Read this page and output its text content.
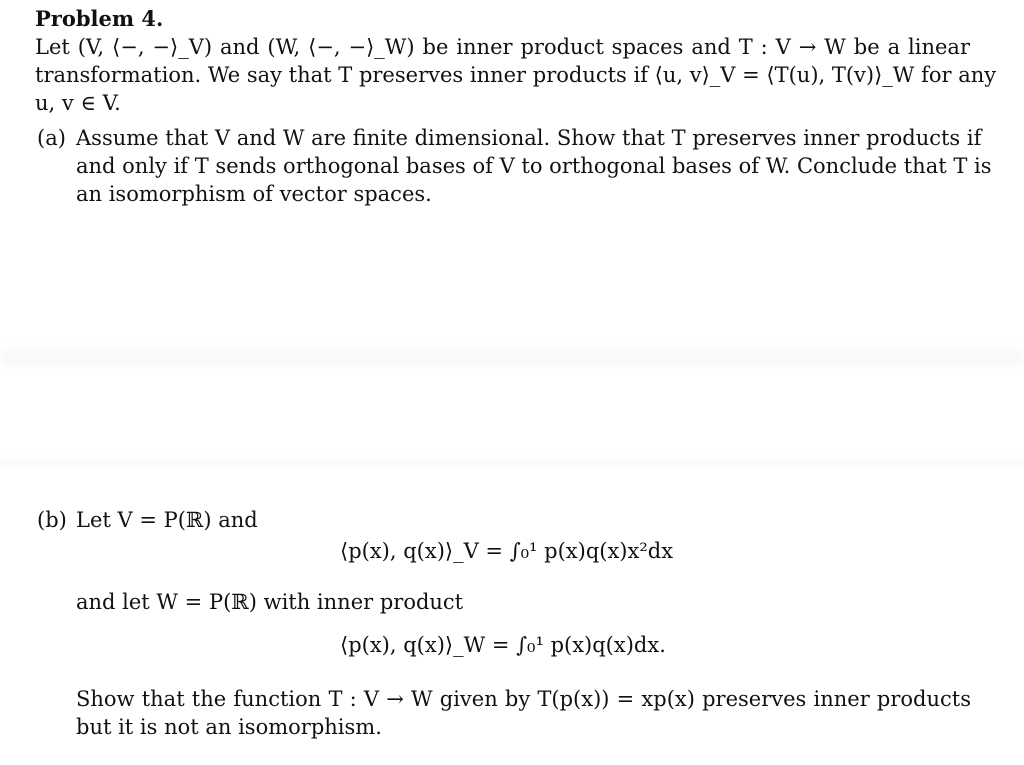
Problem 4.
Let (V, ⟨−, −⟩_V) and (W, ⟨−, −⟩_W) be inner product spaces and T : V → W be a linear
transformation. We say that T preserves inner products if ⟨u, v⟩_V = ⟨T(u), T(v)⟩_W for any
u, v ∈ V.
(a) Assume that V and W are finite dimensional. Show that T preserves inner products if
and only if T sends orthogonal bases of V to orthogonal bases of W. Conclude that T is
an isomorphism of vector spaces.
(b) Let V = P(ℝ) and
⟨p(x), q(x)⟩_V = ∫₀¹ p(x)q(x)x²dx
and let W = P(ℝ) with inner product
⟨p(x), q(x)⟩_W = ∫₀¹ p(x)q(x)dx.
Show that the function T : V → W given by T(p(x)) = xp(x) preserves inner products
but it is not an isomorphism.
